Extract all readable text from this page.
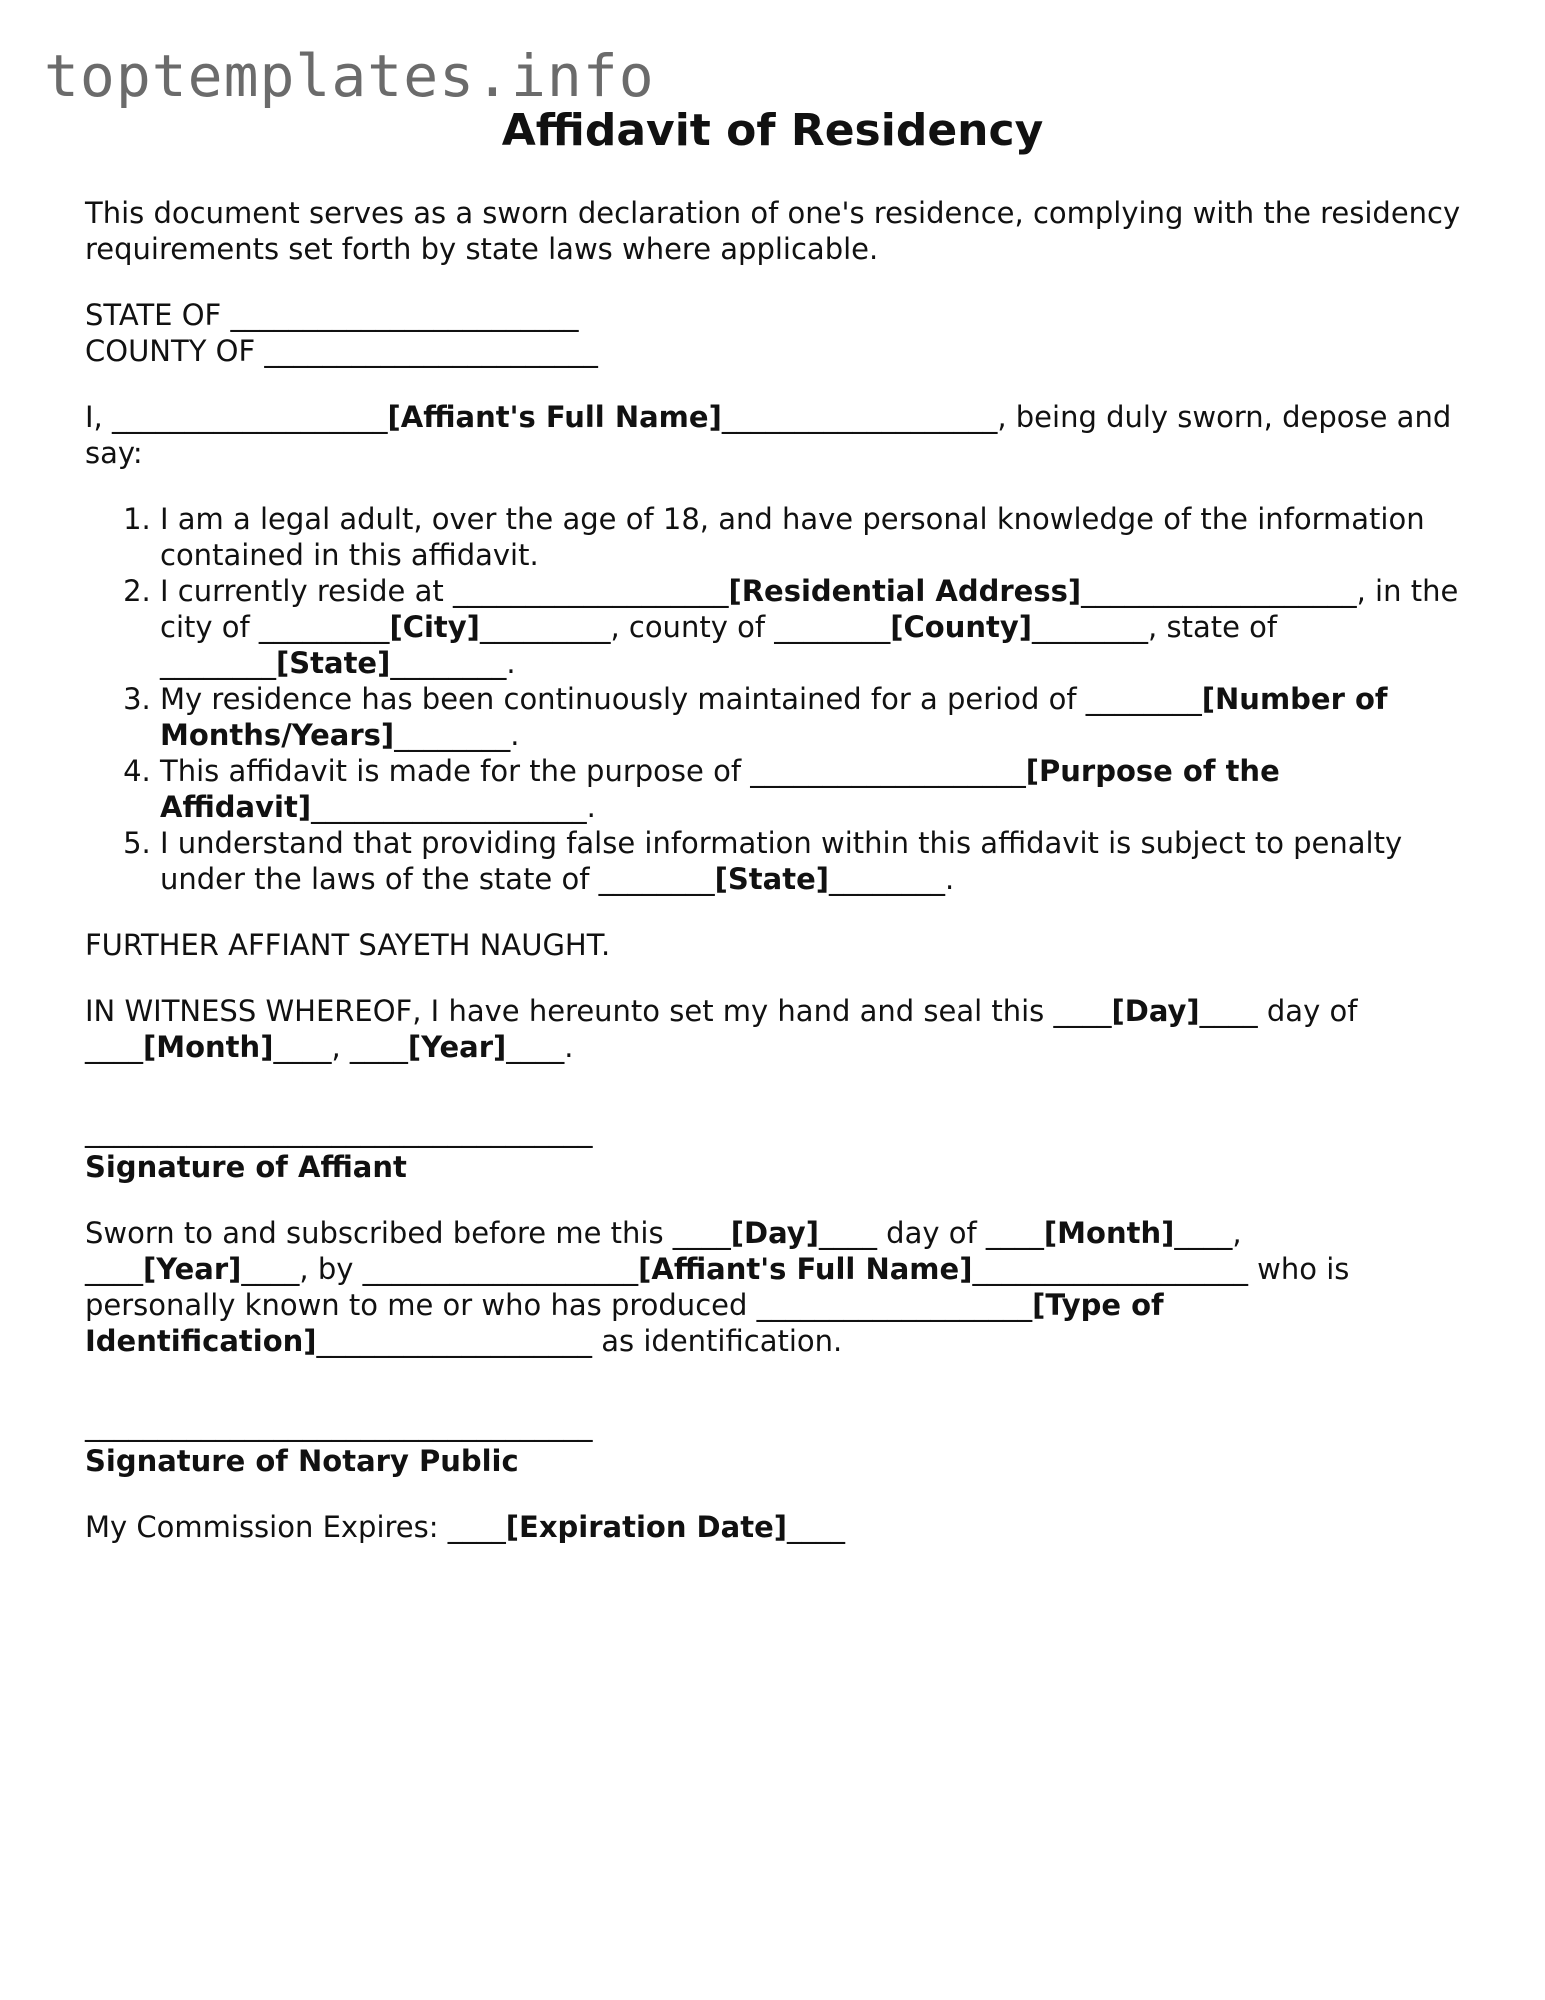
toptemplates.info
Affidavit of Residency

This document serves as a sworn declaration of one's residence, complying with the residency requirements set forth by state laws where applicable.

STATE OF ________________________

COUNTY OF _______________________

I, ___________________[Affiant's Full Name]___________________, being duly sworn, depose and say:

1. I am a legal adult, over the age of 18, and have personal knowledge of the information contained in this affidavit.
2. I currently reside at ___________________[Residential Address]___________________, in the city of _________[City]_________, county of ________[County]________, state of ________[State]________.
3. My residence has been continuously maintained for a period of ________[Number of Months/Years]________.
4. This affidavit is made for the purpose of ___________________[Purpose of the Affidavit]___________________.
5. I understand that providing false information within this affidavit is subject to penalty under the laws of the state of ________[State]________.

FURTHER AFFIANT SAYETH NAUGHT.

IN WITNESS WHEREOF, I have hereunto set my hand and seal this ____[Day]____ day of ____[Month]____, ____[Year]____.

___________________________________

Signature of Affiant

Sworn to and subscribed before me this ____[Day]____ day of ____[Month]____, ____[Year]____, by ___________________[Affiant's Full Name]___________________ who is personally known to me or who has produced ___________________[Type of Identification]___________________ as identification.

___________________________________

Signature of Notary Public

My Commission Expires: ____[Expiration Date]____
